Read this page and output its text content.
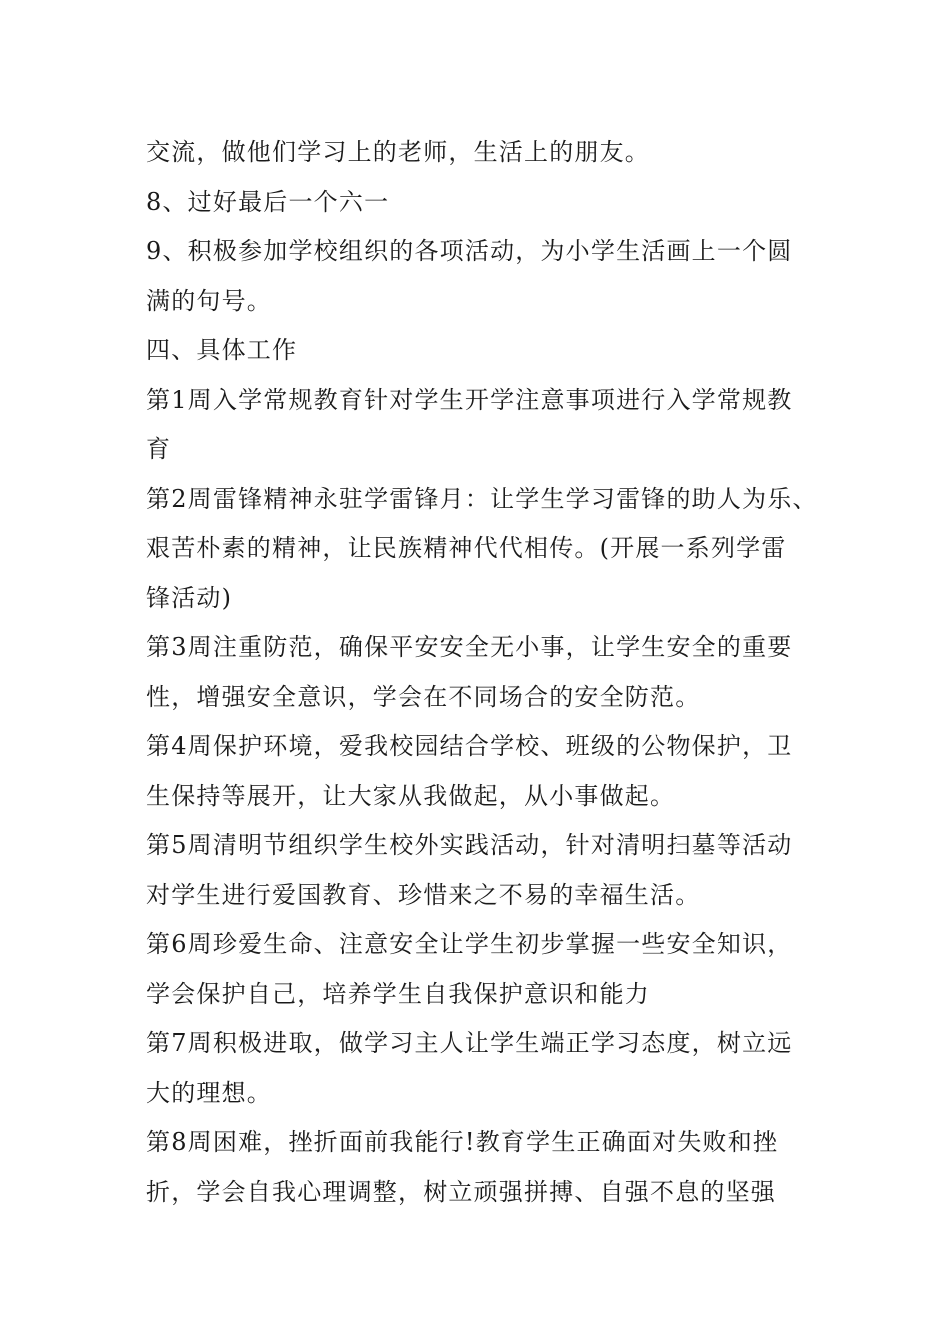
交流，做他们学习上的老师，生活上的朋友。
8、过好最后一个六一
9、积极参加学校组织的各项活动，为小学生活画上一个圆
满的句号。
四、具体工作
第1周入学常规教育针对学生开学注意事项进行入学常规教
育
第2周雷锋精神永驻学雷锋月：让学生学习雷锋的助人为乐、
艰苦朴素的精神，让民族精神代代相传。(开展一系列学雷
锋活动)
第3周注重防范，确保平安安全无小事，让学生安全的重要
性，增强安全意识，学会在不同场合的安全防范。
第4周保护环境，爱我校园结合学校、班级的公物保护，卫
生保持等展开，让大家从我做起，从小事做起。
第5周清明节组织学生校外实践活动，针对清明扫墓等活动
对学生进行爱国教育、珍惜来之不易的幸福生活。
第6周珍爱生命、注意安全让学生初步掌握一些安全知识，
学会保护自己，培养学生自我保护意识和能力
第7周积极进取，做学习主人让学生端正学习态度，树立远
大的理想。
第8周困难，挫折面前我能行!教育学生正确面对失败和挫
折，学会自我心理调整，树立顽强拼搏、自强不息的坚强
